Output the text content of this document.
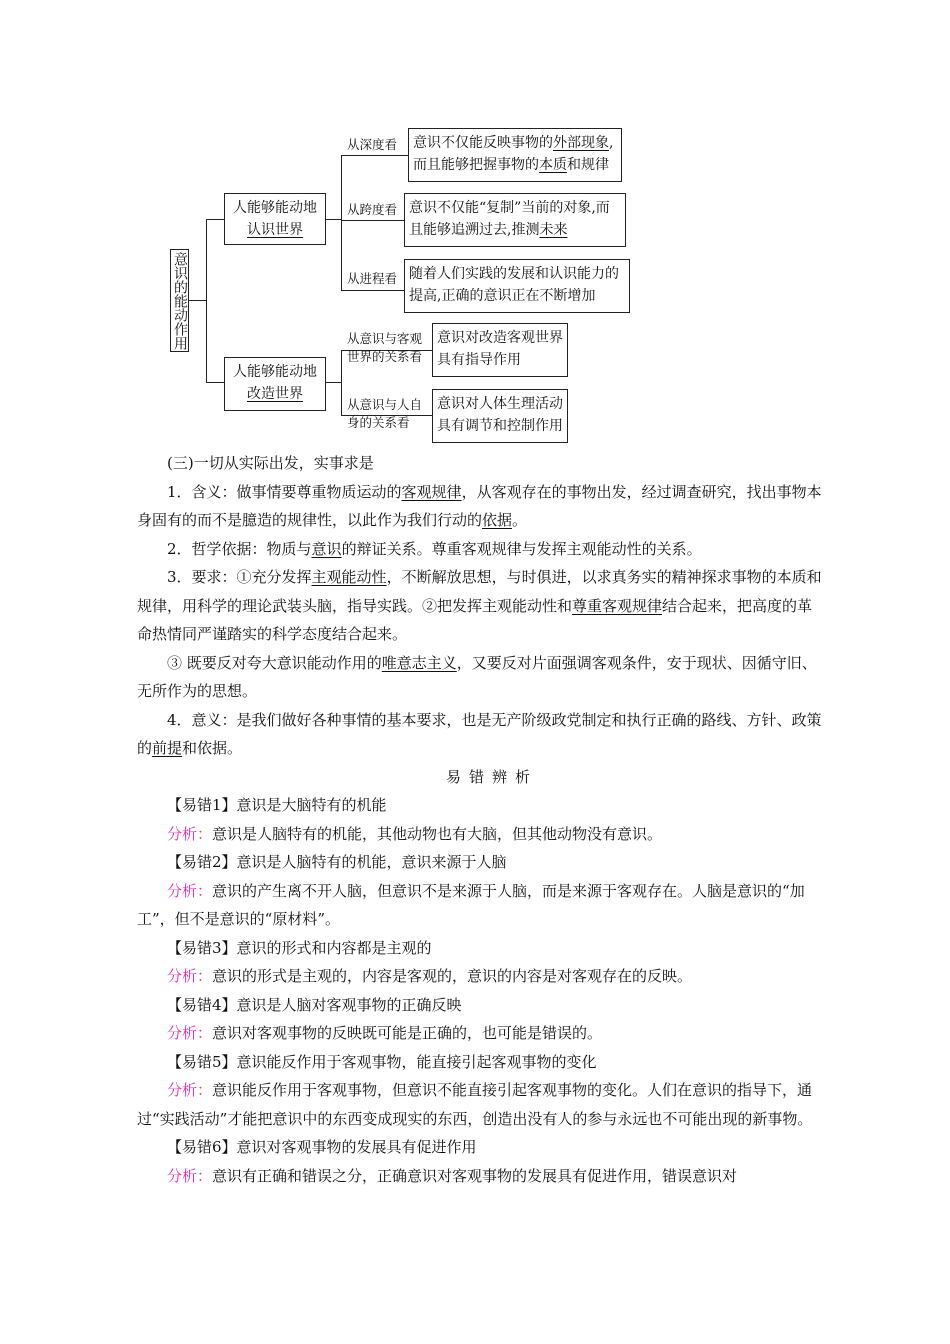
意识的能动作用
人能够能动地
认识世界
从深度看
从跨度看
从进程看
意识不仅能反映事物的外部现象,
而且能够把握事物的本质和规律
意识不仅能“复制”当前的对象,而
且能够追溯过去,推测未来
随着人们实践的发展和认识能力的
提高,正确的意识正在不断增加
人能够能动地
改造世界
从意识与客观
世界的关系看
从意识与人自
身的关系看
意识对改造客观世界
具有指导作用
意识对人体生理活动
具有调节和控制作用

(三)一切从实际出发，实事求是

1．含义：做事情要尊重物质运动的客观规律，从客观存在的事物出发，经过调查研究，找出事物本身固有的而不是臆造的规律性，以此作为我们行动的依据。

2．哲学依据：物质与意识的辩证关系。尊重客观规律与发挥主观能动性的关系。

3．要求：①充分发挥主观能动性，不断解放思想，与时俱进，以求真务实的精神探求事物的本质和规律，用科学的理论武装头脑，指导实践。②把发挥主观能动性和尊重客观规律结合起来，把高度的革命热情同严谨踏实的科学态度结合起来。

③ 既要反对夸大意识能动作用的唯意志主义，又要反对片面强调客观条件，安于现状、因循守旧、无所作为的思想。

4．意义：是我们做好各种事情的基本要求，也是无产阶级政党制定和执行正确的路线、方针、政策的前提和依据。

易错辨析

【易错1】意识是大脑特有的机能

分析：意识是人脑特有的机能，其他动物也有大脑，但其他动物没有意识。

【易错2】意识是人脑特有的机能，意识来源于人脑

分析：意识的产生离不开人脑，但意识不是来源于人脑，而是来源于客观存在。人脑是意识的“加工”，但不是意识的“原材料”。

【易错3】意识的形式和内容都是主观的

分析：意识的形式是主观的，内容是客观的，意识的内容是对客观存在的反映。

【易错4】意识是人脑对客观事物的正确反映

分析：意识对客观事物的反映既可能是正确的，也可能是错误的。

【易错5】意识能反作用于客观事物，能直接引起客观事物的变化

分析：意识能反作用于客观事物，但意识不能直接引起客观事物的变化。人们在意识的指导下，通过“实践活动”才能把意识中的东西变成现实的东西，创造出没有人的参与永远也不可能出现的新事物。

【易错6】意识对客观事物的发展具有促进作用

分析：意识有正确和错误之分，正确意识对客观事物的发展具有促进作用，错误意识对
